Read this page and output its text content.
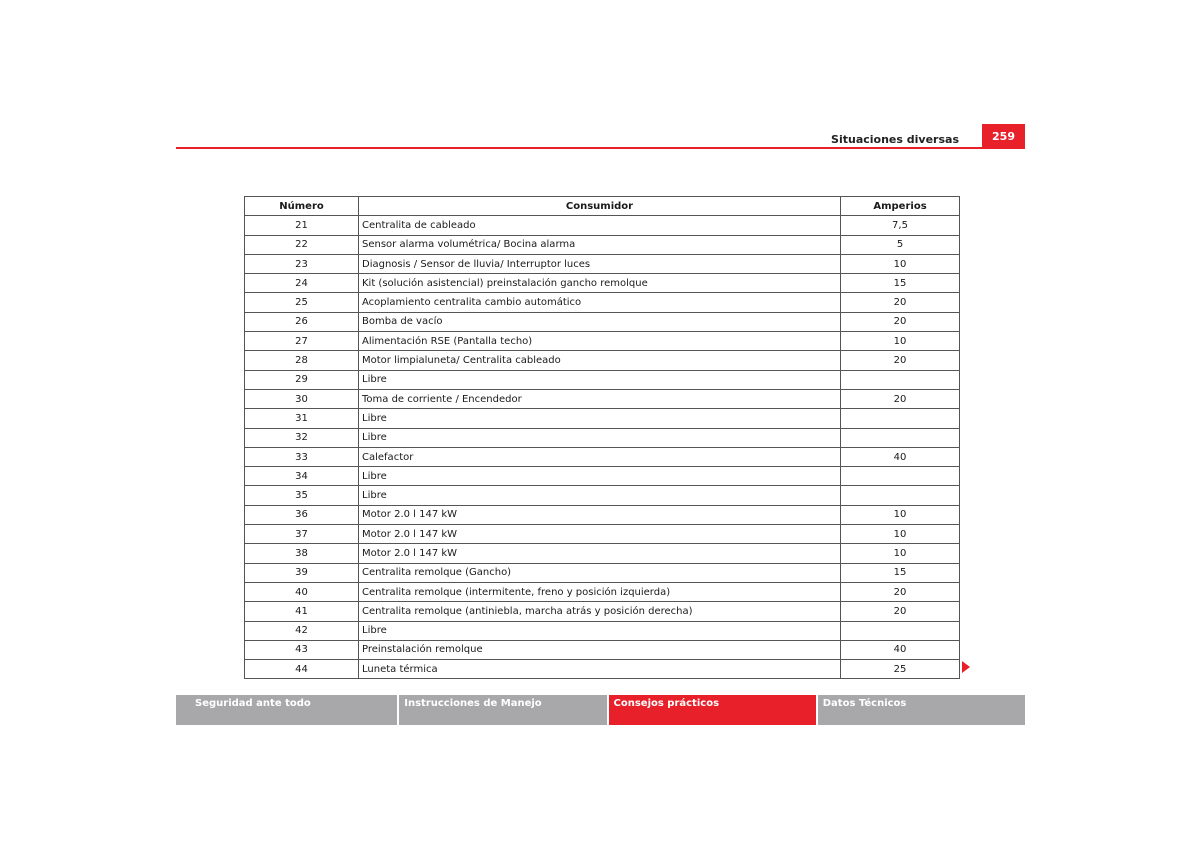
Situaciones diversas	259
Número	Consumidor	Amperios
21	Centralita de cableado	7,5
22	Sensor alarma volumétrica/ Bocina alarma	5
23	Diagnosis / Sensor de lluvia/ Interruptor luces	10
24	Kit (solución asistencial) preinstalación gancho remolque	15
25	Acoplamiento centralita cambio automático	20
26	Bomba de vacío	20
27	Alimentación RSE (Pantalla techo)	10
28	Motor limpialuneta/ Centralita cableado	20
29	Libre	
30	Toma de corriente / Encendedor	20
31	Libre	
32	Libre	
33	Calefactor	40
34	Libre	
35	Libre	
36	Motor 2.0 l 147 kW	10
37	Motor 2.0 l 147 kW	10
38	Motor 2.0 l 147 kW	10
39	Centralita remolque (Gancho)	15
40	Centralita remolque (intermitente, freno y posición izquierda)	20
41	Centralita remolque (antiniebla, marcha atrás y posición derecha)	20
42	Libre	
43	Preinstalación remolque	40
44	Luneta térmica	25
Seguridad ante todo	Instrucciones de Manejo	Consejos prácticos	Datos Técnicos
